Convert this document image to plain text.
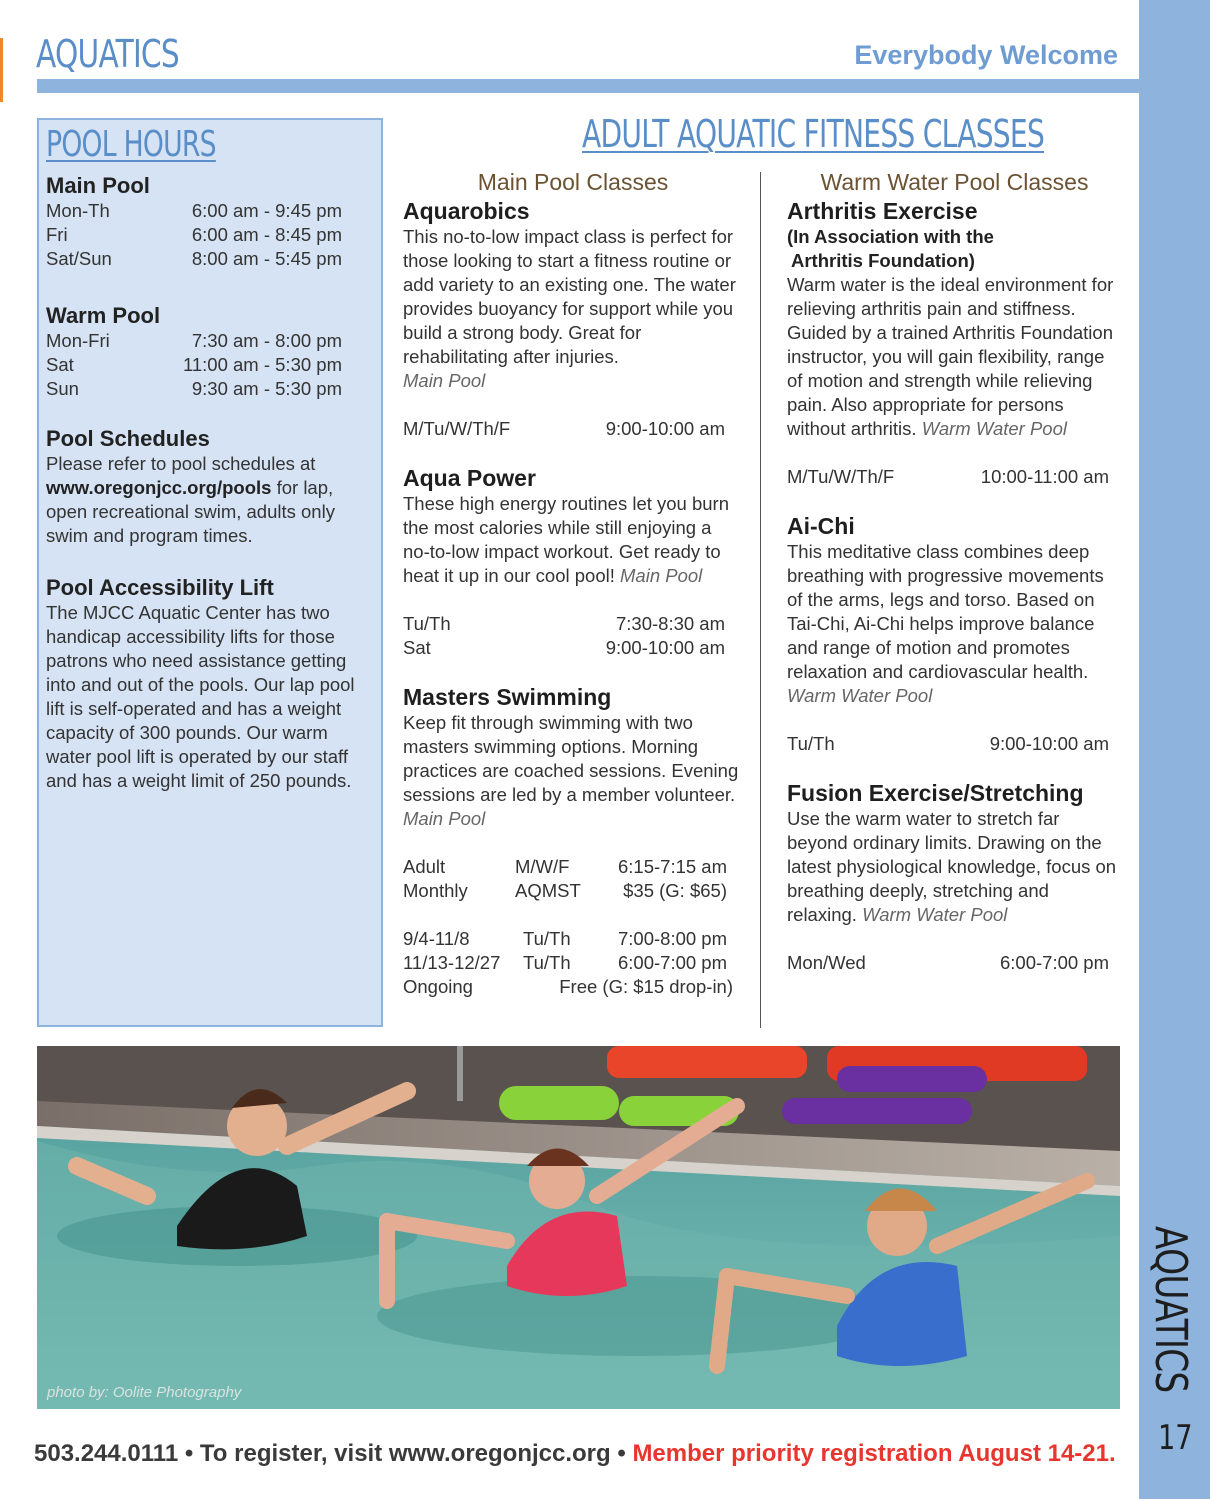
AQUATICS	Everybody Welcome
AQUATICS
17
POOL HOURS
Main Pool
Mon-Th	6:00 am - 9:45 pm
Fri	6:00 am - 8:45 pm
Sat/Sun	8:00 am - 5:45 pm
Warm Pool
Mon-Fri	7:30 am - 8:00 pm
Sat	11:00 am - 5:30 pm
Sun	9:30 am - 5:30 pm
Pool Schedules
Please refer to pool schedules at www.oregonjcc.org/pools for lap, open recreational swim, adults only swim and program times.
Pool Accessibility Lift
The MJCC Aquatic Center has two handicap accessibility lifts for those patrons who need assistance getting into and out of the pools. Our lap pool lift is self-operated and has a weight capacity of 300 pounds. Our warm water pool lift is operated by our staff and has a weight limit of 250 pounds.
ADULT AQUATIC FITNESS CLASSES
Main Pool Classes
Aquarobics
This no-to-low impact class is perfect for those looking to start a fitness routine or add variety to an existing one. The water provides buoyancy for support while you build a strong body. Great for rehabilitating after injuries.
Main Pool
M/Tu/W/Th/F	9:00-10:00 am
Aqua Power
These high energy routines let you burn the most calories while still enjoying a no-to-low impact workout. Get ready to heat it up in our cool pool! Main Pool
Tu/Th	7:30-8:30 am
Sat	9:00-10:00 am
Masters Swimming
Keep fit through swimming with two masters swimming options. Morning practices are coached sessions. Evening sessions are led by a member volunteer. Main Pool
Adult	M/W/F	6:15-7:15 am
Monthly	AQMST	$35 (G: $65)
9/4-11/8	Tu/Th	7:00-8:00 pm
11/13-12/27	Tu/Th	6:00-7:00 pm
Ongoing	Free (G: $15 drop-in)
Warm Water Pool Classes
Arthritis Exercise
(In Association with the
Arthritis Foundation)
Warm water is the ideal environment for relieving arthritis pain and stiffness. Guided by a trained Arthritis Foundation instructor, you will gain flexibility, range of motion and strength while relieving pain. Also appropriate for persons without arthritis. Warm Water Pool
M/Tu/W/Th/F	10:00-11:00 am
Ai-Chi
This meditative class combines deep breathing with progressive movements of the arms, legs and torso. Based on Tai-Chi, Ai-Chi helps improve balance and range of motion and promotes relaxation and cardiovascular health.
Warm Water Pool
Tu/Th	9:00-10:00 am
Fusion Exercise/Stretching
Use the warm water to stretch far beyond ordinary limits. Drawing on the latest physiological knowledge, focus on breathing deeply, stretching and relaxing. Warm Water Pool
Mon/Wed	6:00-7:00 pm
photo by: Oolite Photography
503.244.0111 • To register, visit www.oregonjcc.org • Member priority registration August 14-21.
